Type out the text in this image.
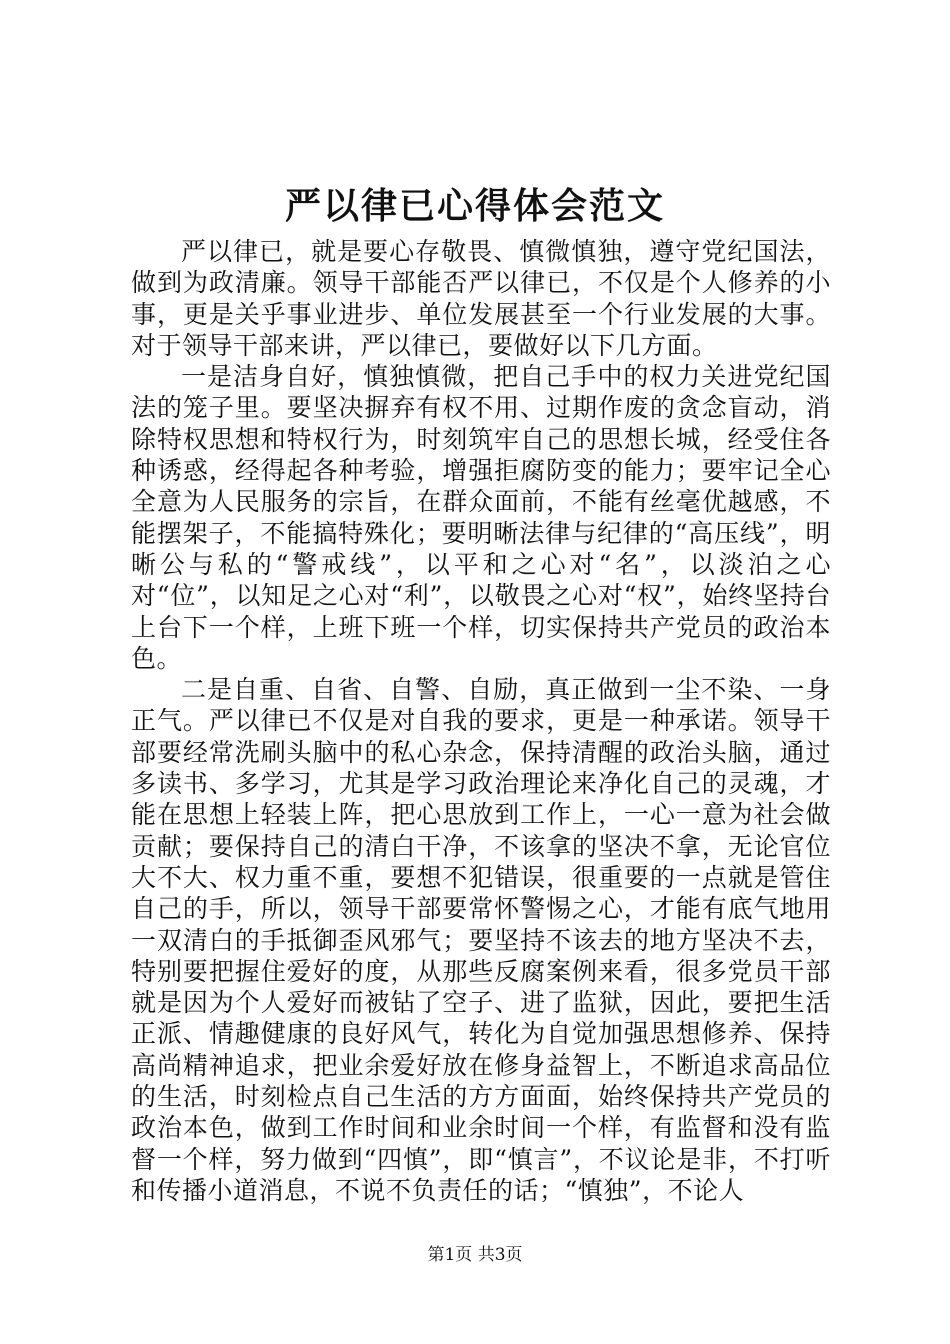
严以律已心得体会范文

严以律已，就是要心存敬畏、慎微慎独，遵守党纪国法，做到为政清廉。领导干部能否严以律已，不仅是个人修养的小事，更是关乎事业进步、单位发展甚至一个行业发展的大事。对于领导干部来讲，严以律已，要做好以下几方面。

一是洁身自好，慎独慎微，把自己手中的权力关进党纪国法的笼子里。要坚决摒弃有权不用、过期作废的贪念盲动，消除特权思想和特权行为，时刻筑牢自己的思想长城，经受住各种诱惑，经得起各种考验，增强拒腐防变的能力；要牢记全心全意为人民服务的宗旨，在群众面前，不能有丝毫优越感，不能摆架子，不能搞特殊化；要明晰法律与纪律的“高压线”，明晰公与私的“警戒线”，以平和之心对“名”，以淡泊之心对“位”，以知足之心对“利”，以敬畏之心对“权”，始终坚持台上台下一个样，上班下班一个样，切实保持共产党员的政治本色。

二是自重、自省、自警、自励，真正做到一尘不染、一身正气。严以律已不仅是对自我的要求，更是一种承诺。领导干部要经常洗刷头脑中的私心杂念，保持清醒的政治头脑，通过多读书、多学习，尤其是学习政治理论来净化自己的灵魂，才能在思想上轻装上阵，把心思放到工作上，一心一意为社会做贡献；要保持自己的清白干净，不该拿的坚决不拿，无论官位大不大、权力重不重，要想不犯错误，很重要的一点就是管住自己的手，所以，领导干部要常怀警惕之心，才能有底气地用一双清白的手抵御歪风邪气；要坚持不该去的地方坚决不去，特别要把握住爱好的度，从那些反腐案例来看，很多党员干部就是因为个人爱好而被钻了空子、进了监狱，因此，要把生活正派、情趣健康的良好风气，转化为自觉加强思想修养、保持高尚精神追求，把业余爱好放在修身益智上，不断追求高品位的生活，时刻检点自己生活的方方面面，始终保持共产党员的政治本色，做到工作时间和业余时间一个样，有监督和没有监督一个样，努力做到“四慎”，即“慎言”，不议论是非，不打听和传播小道消息，不说不负责任的话；“慎独”，不论人

第1页 共3页
